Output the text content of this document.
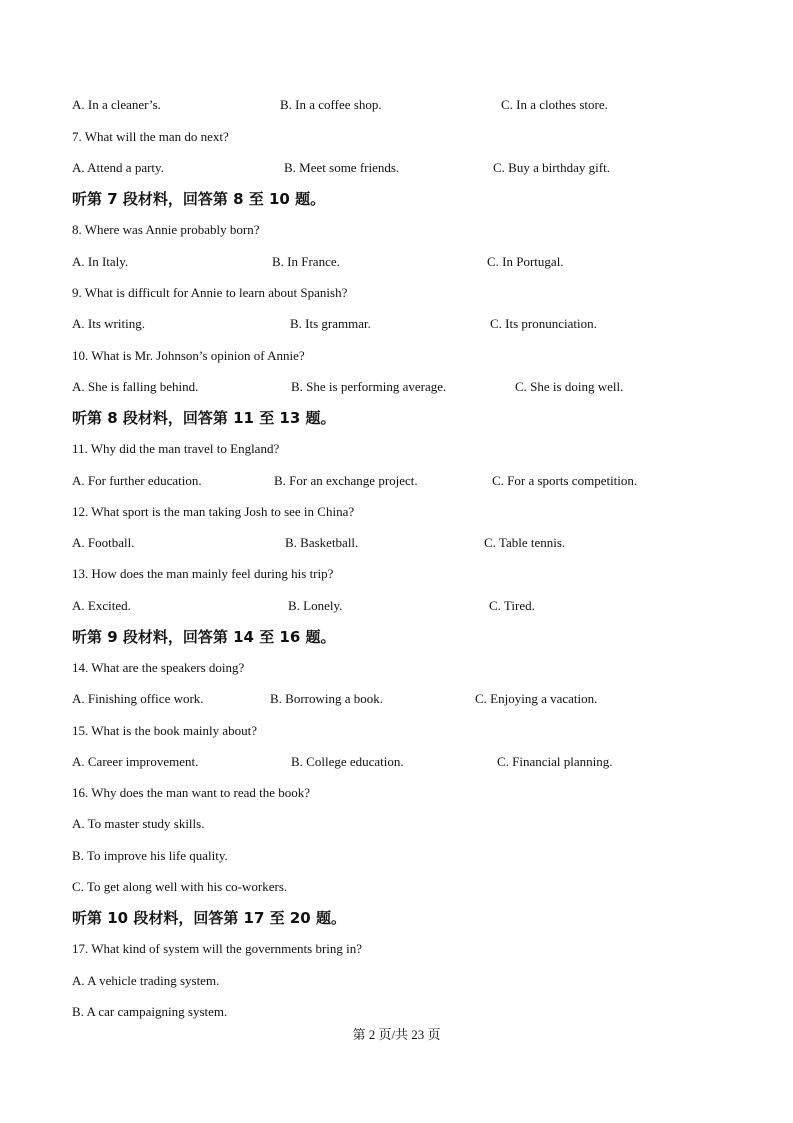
A. In a cleaner’s.	B. In a coffee shop.	C. In a clothes store.
7. What will the man do next?
A. Attend a party.	B. Meet some friends.	C. Buy a birthday gift.
听第 7 段材料，回答第 8 至 10 题。
8. Where was Annie probably born?
A. In Italy.	B. In France.	C. In Portugal.
9. What is difficult for Annie to learn about Spanish?
A. Its writing.	B. Its grammar.	C. Its pronunciation.
10. What is Mr. Johnson’s opinion of Annie?
A. She is falling behind.	B. She is performing average.	C. She is doing well.
听第 8 段材料，回答第 11 至 13 题。
11. Why did the man travel to England?
A. For further education.	B. For an exchange project.	C. For a sports competition.
12. What sport is the man taking Josh to see in China?
A. Football.	B. Basketball.	C. Table tennis.
13. How does the man mainly feel during his trip?
A. Excited.	B. Lonely.	C. Tired.
听第 9 段材料，回答第 14 至 16 题。
14. What are the speakers doing?
A. Finishing office work.	B. Borrowing a book.	C. Enjoying a vacation.
15. What is the book mainly about?
A. Career improvement.	B. College education.	C. Financial planning.
16. Why does the man want to read the book?
A. To master study skills.
B. To improve his life quality.
C. To get along well with his co-workers.
听第 10 段材料，回答第 17 至 20 题。
17. What kind of system will the governments bring in?
A. A vehicle trading system.
B. A car campaigning system.
第 2 页/共 23 页
